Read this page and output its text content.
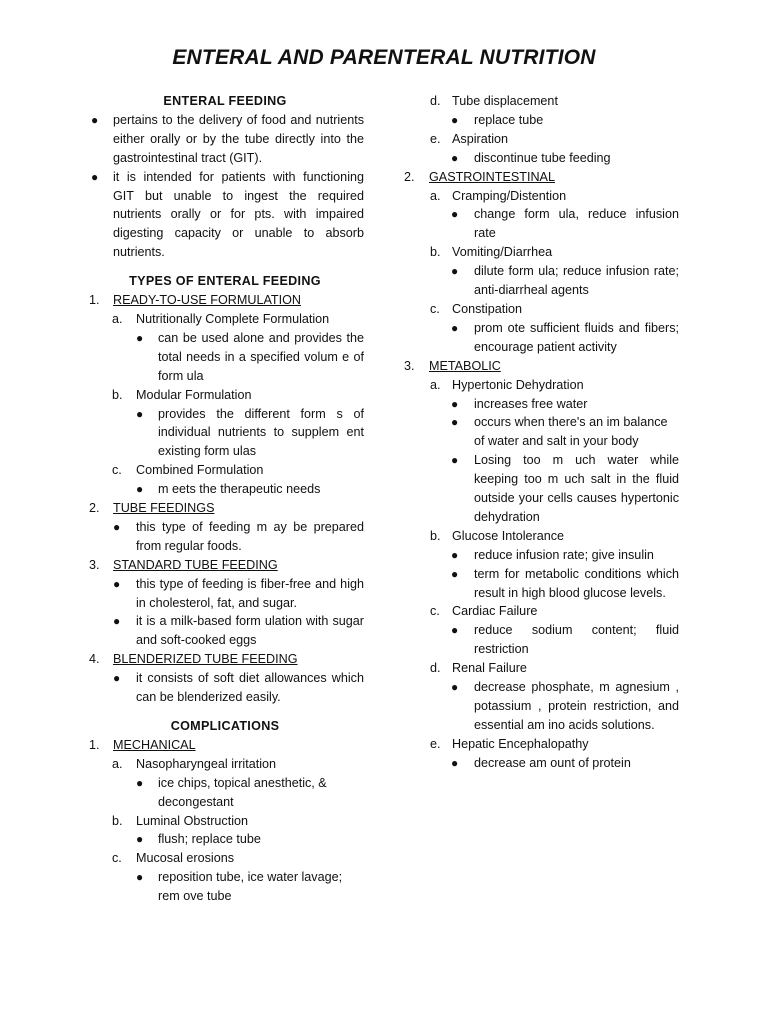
ENTERAL AND PARENTERAL NUTRITION
ENTERAL FEEDING
● pertains to the delivery of food and nutrients either orally or by the tube directly into the gastrointestinal tract (GIT).
● it is intended for patients with functioning GIT but unable to ingest the required nutrients orally or for pts. with impaired digesting capacity or unable to absorb nutrients.
TYPES OF ENTERAL FEEDING
1. READY-TO-USE FORMULATION
a. Nutritionally Complete Formulation
● can be used alone and provides the total needs in a specified volum e of form ula
b. Modular Formulation
● provides the different form s of individual nutrients to supplem ent existing form ulas
c. Combined Formulation
● m eets the therapeutic needs
2. TUBE FEEDINGS
● this type of feeding m ay be prepared from regular foods.
3. STANDARD TUBE FEEDING
● this type of feeding is fiber-free and high in cholesterol, fat, and sugar.
● it is a milk-based form ulation with sugar and soft-cooked eggs
4. BLENDERIZED TUBE FEEDING
● it consists of soft diet allowances which can be blenderized easily.
COMPLICATIONS
1. MECHANICAL
a. Nasopharyngeal irritation
● ice chips, topical anesthetic, & decongestant
b. Luminal Obstruction
● flush; replace tube
c. Mucosal erosions
● reposition tube, ice water lavage; rem ove tube
d. Tube displacement
● replace tube
e. Aspiration
● discontinue tube feeding
2. GASTROINTESTINAL
a. Cramping/Distention
● change form ula, reduce infusion rate
b. Vomiting/Diarrhea
● dilute form ula; reduce infusion rate; anti-diarrheal agents
c. Constipation
● prom ote sufficient fluids and fibers; encourage patient activity
3. METABOLIC
a. Hypertonic Dehydration
● increases free water
● occurs when there's an im balance of water and salt in your body
● Losing too m uch water while keeping too m uch salt in the fluid outside your cells causes hypertonic dehydration
b. Glucose Intolerance
● reduce infusion rate; give insulin
● term for metabolic conditions which result in high blood glucose levels.
c. Cardiac Failure
● reduce sodium content; fluid restriction
d. Renal Failure
● decrease phosphate, m agnesium , potassium , protein restriction, and essential am ino acids solutions.
e. Hepatic Encephalopathy
● decrease am ount of protein
